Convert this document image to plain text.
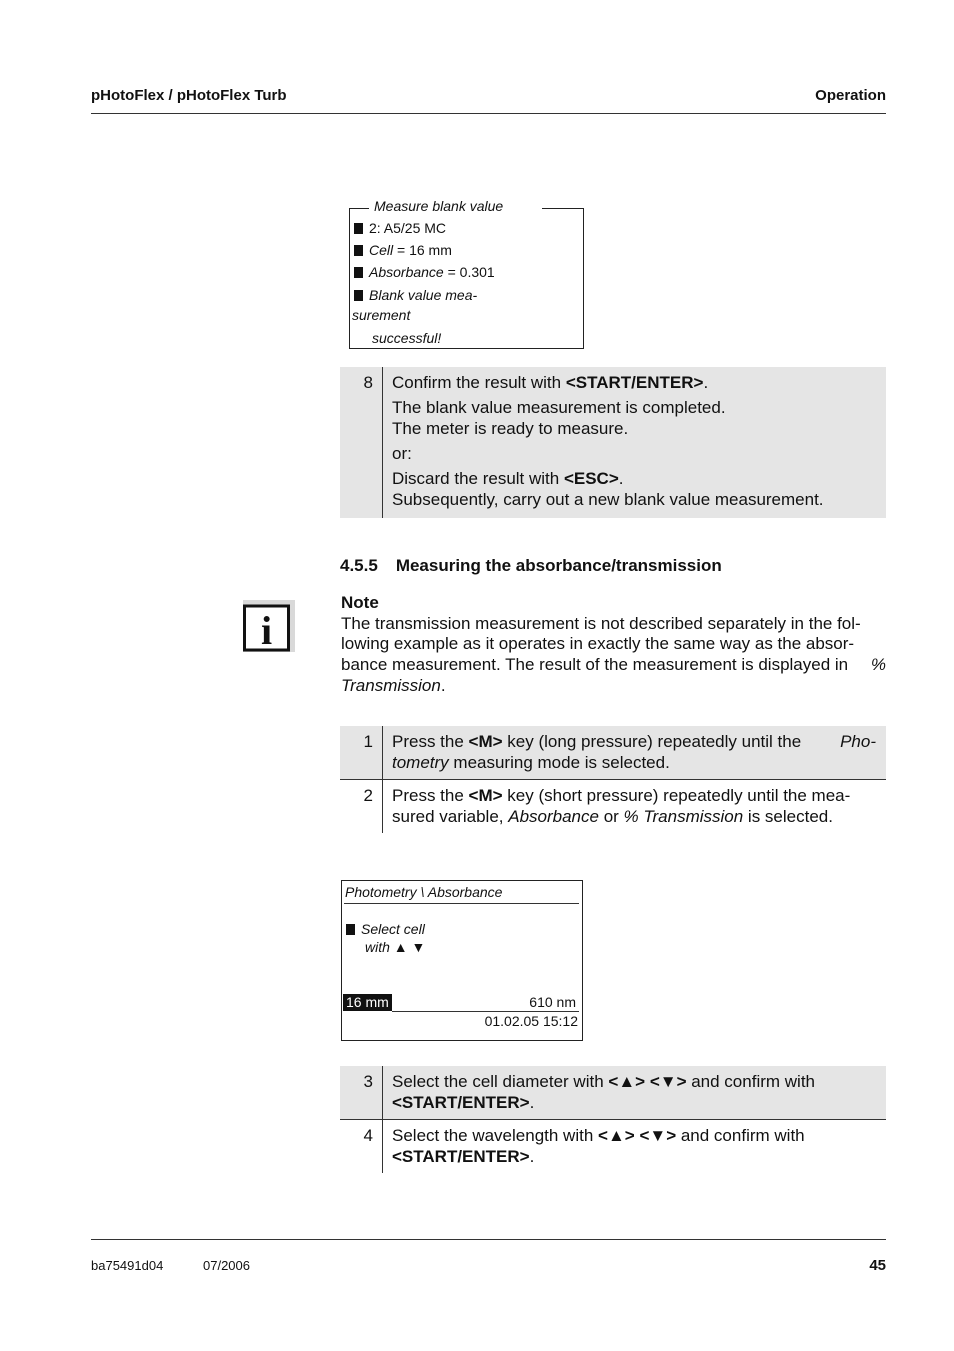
pHotoFlex / pHotoFlex Turb	Operation
Measure blank value
2: A5/25 MC
Cell = 16 mm
Absorbance = 0.301
Blank value mea-
surement
successful!
8	Confirm the result with <START/ENTER>.

The blank value measurement is completed.
The meter is ready to measure.

or:

Discard the result with <ESC>.
Subsequently, carry out a new blank value measurement.

4.5.5 Measuring the absorbance/transmission
i
Note
The transmission measurement is not described separately in the fol-
lowing example as it operates in exactly the same way as the absor-
bance measurement. The result of the measurement is displayed in %
Transmission.
1	Press the <M> key (long pressure) repeatedly until the Pho-
tometry measuring mode is selected.
2	Press the <M> key (short pressure) repeatedly until the mea-
sured variable, Absorbance or % Transmission is selected.
Photometry \ Absorbance
Select cell
with ▲ ▼
16 mm	610 nm
01.02.05 15:12
3	Select the cell diameter with <▲> <▼> and confirm with
<START/ENTER>.
4	Select the wavelength with <▲> <▼> and confirm with
<START/ENTER>.
ba75491d04	07/2006	45
